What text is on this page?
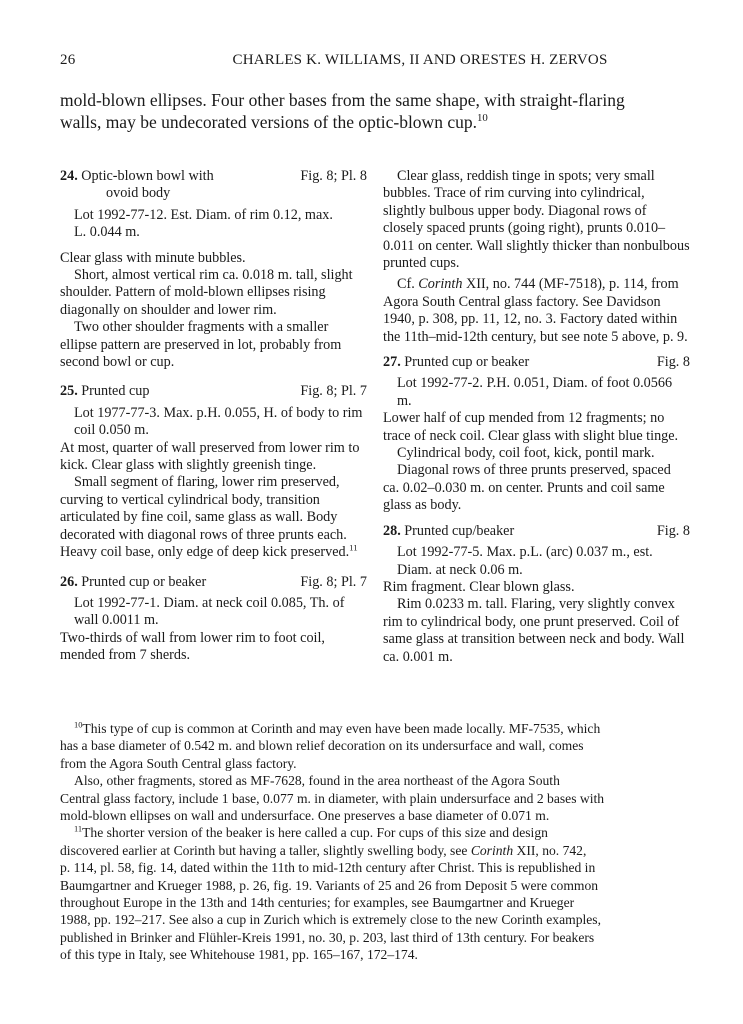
26	CHARLES K. WILLIAMS, II AND ORESTES H. ZERVOS
mold-blown ellipses. Four other bases from the same shape, with straight-flaring
walls, may be undecorated versions of the optic-blown cup.$^{10}$
24. Optic-blown bowl with	Fig. 8; Pl. 8
ovoid body
Lot 1992-77-12. Est. Diam. of rim 0.12, max.
L. 0.044 m.

Clear glass with minute bubbles.

Short, almost vertical rim ca. 0.018 m. tall, slight shoulder. Pattern of mold-blown ellipses rising diagonally on shoulder and lower rim.

Two other shoulder fragments with a smaller ellipse pattern are preserved in lot, probably from second bowl or cup.

25. Prunted cup	Fig. 8; Pl. 7
Lot 1977-77-3. Max. p.H. 0.055, H. of body to rim coil 0.050 m.

At most, quarter of wall preserved from lower rim to kick. Clear glass with slightly greenish tinge.

Small segment of flaring, lower rim preserved, curving to vertical cylindrical body, transition articulated by fine coil, same glass as wall. Body decorated with diagonal rows of three prunts each. Heavy coil base, only edge of deep kick preserved.$^{11}$

26. Prunted cup or beaker	Fig. 8; Pl. 7
Lot 1992-77-1. Diam. at neck coil 0.085, Th. of wall 0.0011 m.

Two-thirds of wall from lower rim to foot coil, mended from 7 sherds.

Clear glass, reddish tinge in spots; very small bubbles. Trace of rim curving into cylindrical, slightly bulbous upper body. Diagonal rows of closely spaced prunts (going right), prunts 0.010–0.011 on center. Wall slightly thicker than nonbulbous prunted cups.

Cf. Corinth XII, no. 744 (MF-7518), p. 114, from Agora South Central glass factory. See Davidson 1940, p. 308, pp. 11, 12, no. 3. Factory dated within the 11th–mid-12th century, but see note 5 above, p. 9.

27. Prunted cup or beaker	Fig. 8
Lot 1992-77-2. P.H. 0.051, Diam. of foot 0.0566 m.

Lower half of cup mended from 12 fragments; no trace of neck coil. Clear glass with slight blue tinge.

Cylindrical body, coil foot, kick, pontil mark.

Diagonal rows of three prunts preserved, spaced ca. 0.02–0.030 m. on center. Prunts and coil same glass as body.

28. Prunted cup/beaker	Fig. 8
Lot 1992-77-5. Max. p.L. (arc) 0.037 m., est. Diam. at neck 0.06 m.

Rim fragment. Clear blown glass.

Rim 0.0233 m. tall. Flaring, very slightly convex rim to cylindrical body, one prunt preserved. Coil of same glass at transition between neck and body. Wall ca. 0.001 m.

$^{10}$This type of cup is common at Corinth and may even have been made locally. MF-7535, which
has a base diameter of 0.542 m. and blown relief decoration on its undersurface and wall, comes
from the Agora South Central glass factory.
Also, other fragments, stored as MF-7628, found in the area northeast of the Agora South
Central glass factory, include 1 base, 0.077 m. in diameter, with plain undersurface and 2 bases with
mold-blown ellipses on wall and undersurface. One preserves a base diameter of 0.071 m.
$^{11}$The shorter version of the beaker is here called a cup. For cups of this size and design
discovered earlier at Corinth but having a taller, slightly swelling body, see Corinth XII, no. 742,
p. 114, pl. 58, fig. 14, dated within the 11th to mid-12th century after Christ. This is republished in
Baumgartner and Krueger 1988, p. 26, fig. 19. Variants of 25 and 26 from Deposit 5 were common
throughout Europe in the 13th and 14th centuries; for examples, see Baumgartner and Krueger
1988, pp. 192–217. See also a cup in Zurich which is extremely close to the new Corinth examples,
published in Brinker and Flühler-Kreis 1991, no. 30, p. 203, last third of 13th century. For beakers
of this type in Italy, see Whitehouse 1981, pp. 165–167, 172–174.
